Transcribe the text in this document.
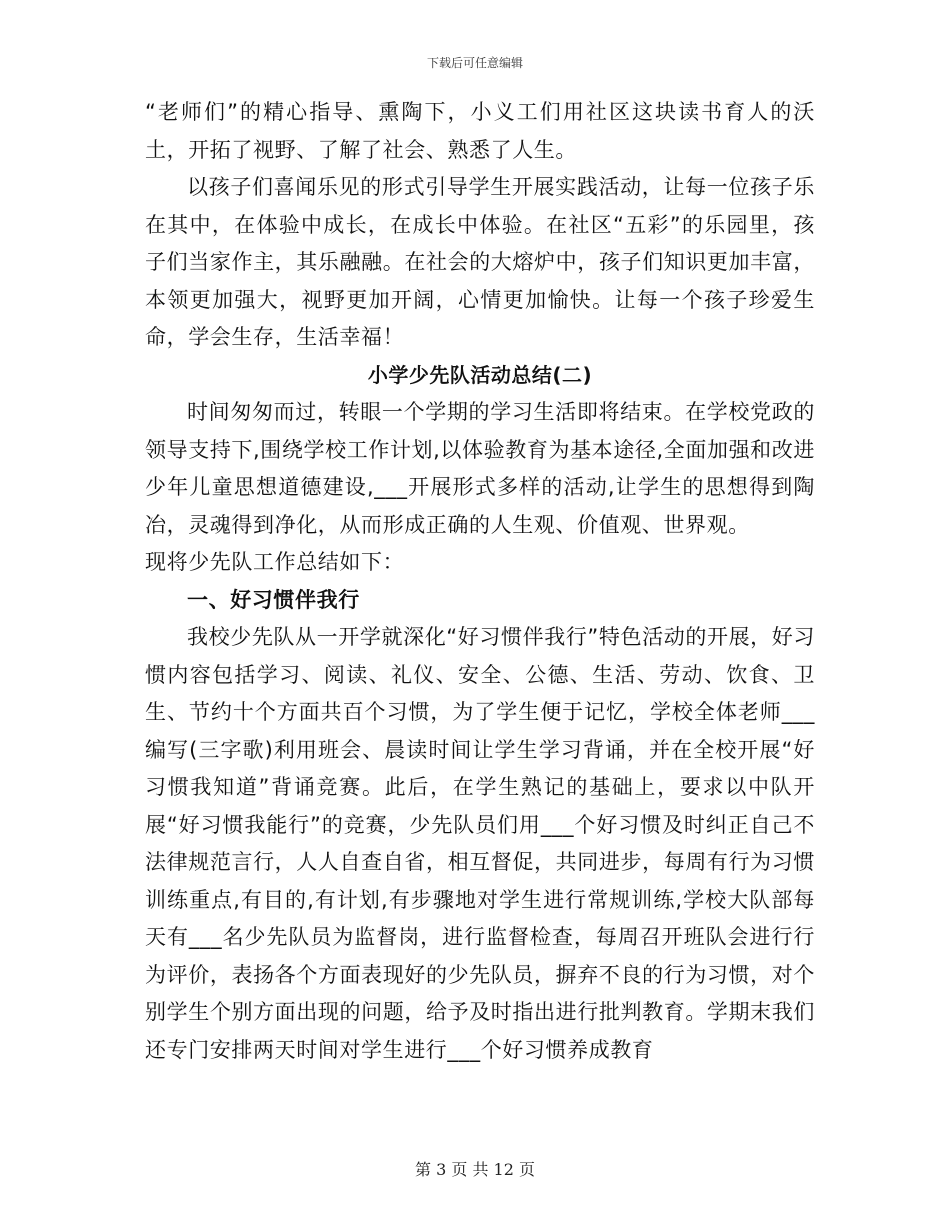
下载后可任意编辑

“老师们”的精心指导、熏陶下，小义工们用社区这块读书育人的沃土，开拓了视野、了解了社会、熟悉了人生。

以孩子们喜闻乐见的形式引导学生开展实践活动，让每一位孩子乐在其中，在体验中成长，在成长中体验。在社区“五彩”的乐园里，孩子们当家作主，其乐融融。在社会的大熔炉中，孩子们知识更加丰富，本领更加强大，视野更加开阔，心情更加愉快。让每一个孩子珍爱生命，学会生存，生活幸福！

小学少先队活动总结(二)

时间匆匆而过，转眼一个学期的学习生活即将结束。在学校党政的领导支持下,围绕学校工作计划,以体验教育为基本途径,全面加强和改进少年儿童思想道德建设,___开展形式多样的活动,让学生的思想得到陶冶，灵魂得到净化，从而形成正确的人生观、价值观、世界观。

现将少先队工作总结如下：

一、好习惯伴我行

我校少先队从一开学就深化“好习惯伴我行”特色活动的开展，好习惯内容包括学习、阅读、礼仪、安全、公德、生活、劳动、饮食、卫生、节约十个方面共百个习惯，为了学生便于记忆，学校全体老师___编写(三字歌)利用班会、晨读时间让学生学习背诵，并在全校开展“好习惯我知道”背诵竞赛。此后，在学生熟记的基础上，要求以中队开展“好习惯我能行”的竞赛，少先队员们用___个好习惯及时纠正自己不法律规范言行，人人自查自省，相互督促，共同进步，每周有行为习惯训练重点,有目的,有计划,有步骤地对学生进行常规训练,学校大队部每天有___名少先队员为监督岗，进行监督检查，每周召开班队会进行行为评价，表扬各个方面表现好的少先队员，摒弃不良的行为习惯，对个别学生个别方面出现的问题，给予及时指出进行批判教育。学期末我们还专门安排两天时间对学生进行___个好习惯养成教育

第 3 页 共 12 页
